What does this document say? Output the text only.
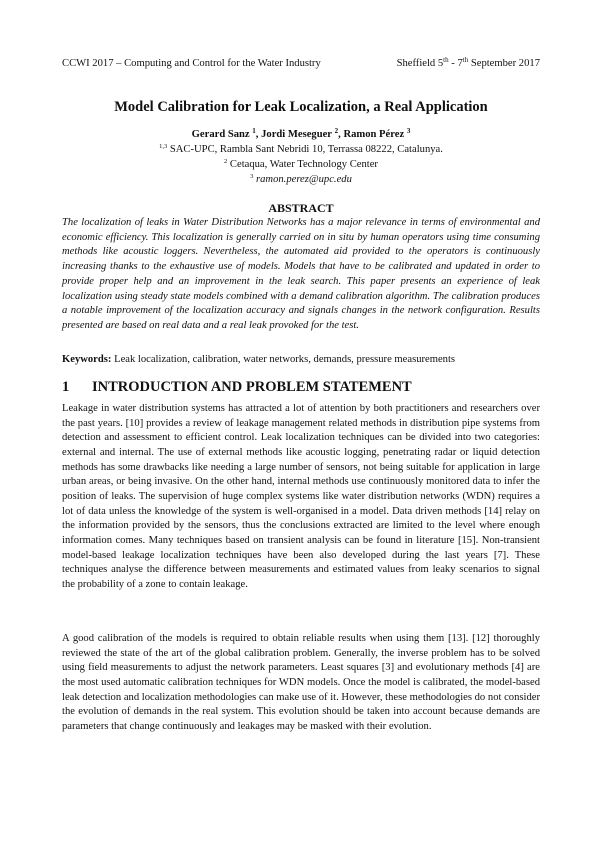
CCWI 2017 – Computing and Control for the Water Industry	Sheffield 5th - 7th September 2017
Model Calibration for Leak Localization, a Real Application
Gerard Sanz $^1$, Jordi Meseguer $^2$, Ramon Pérez $^3$
$^{1,3}$ SAC-UPC, Rambla Sant Nebridi 10, Terrassa 08222, Catalunya.
$^2$ Cetaqua, Water Technology Center
$^3$ ramon.perez@upc.edu
ABSTRACT
The localization of leaks in Water Distribution Networks has a major relevance in terms of environmental and economic efficiency. This localization is generally carried on in situ by human operators using time consuming methods like acoustic loggers. Nevertheless, the automated aid provided to the operators is continuously increasing thanks to the exhaustive use of models. Models that have to be calibrated and updated in order to provide proper help and an improvement in the leak search. This paper presents an experience of leak localization using steady state models combined with a demand calibration algorithm. The calibration produces a notable improvement of the localization accuracy and signals changes in the network configuration. Results presented are based on real data and a real leak provoked for the test.
Keywords: Leak localization, calibration, water networks, demands, pressure measurements
1 INTRODUCTION AND PROBLEM STATEMENT
Leakage in water distribution systems has attracted a lot of attention by both practitioners and researchers over the past years. [10] provides a review of leakage management related methods in distribution pipe systems from detection and assessment to efficient control. Leak localization techniques can be divided into two categories: external and internal. The use of external methods like acoustic logging, penetrating radar or liquid detection methods has some drawbacks like needing a large number of sensors, not being suitable for application in large urban areas, or being invasive. On the other hand, internal methods use continuously monitored data to infer the position of leaks. The supervision of huge complex systems like water distribution networks (WDN) requires a lot of data unless the knowledge of the system is well-organised in a model. Data driven methods [14] relay on the information provided by the sensors, thus the conclusions extracted are limited to the level where enough information comes. Many techniques based on transient analysis can be found in literature [15]. Non-transient model-based leakage localization techniques have been also developed during the last years [7]. These techniques analyse the difference between measurements and estimated values from leaky scenarios to signal the probability of a zone to contain leakage.
A good calibration of the models is required to obtain reliable results when using them [13]. [12] thoroughly reviewed the state of the art of the global calibration problem. Generally, the inverse problem has to be solved using field measurements to adjust the network parameters. Least squares [3] and evolutionary methods [4] are the most used automatic calibration techniques for WDN models. Once the model is calibrated, the model-based leak detection and localization methodologies can make use of it. However, these methodologies do not consider the evolution of demands in the real system. This evolution should be taken into account because demands are parameters that change continuously and leakages may be masked with their evolution.
